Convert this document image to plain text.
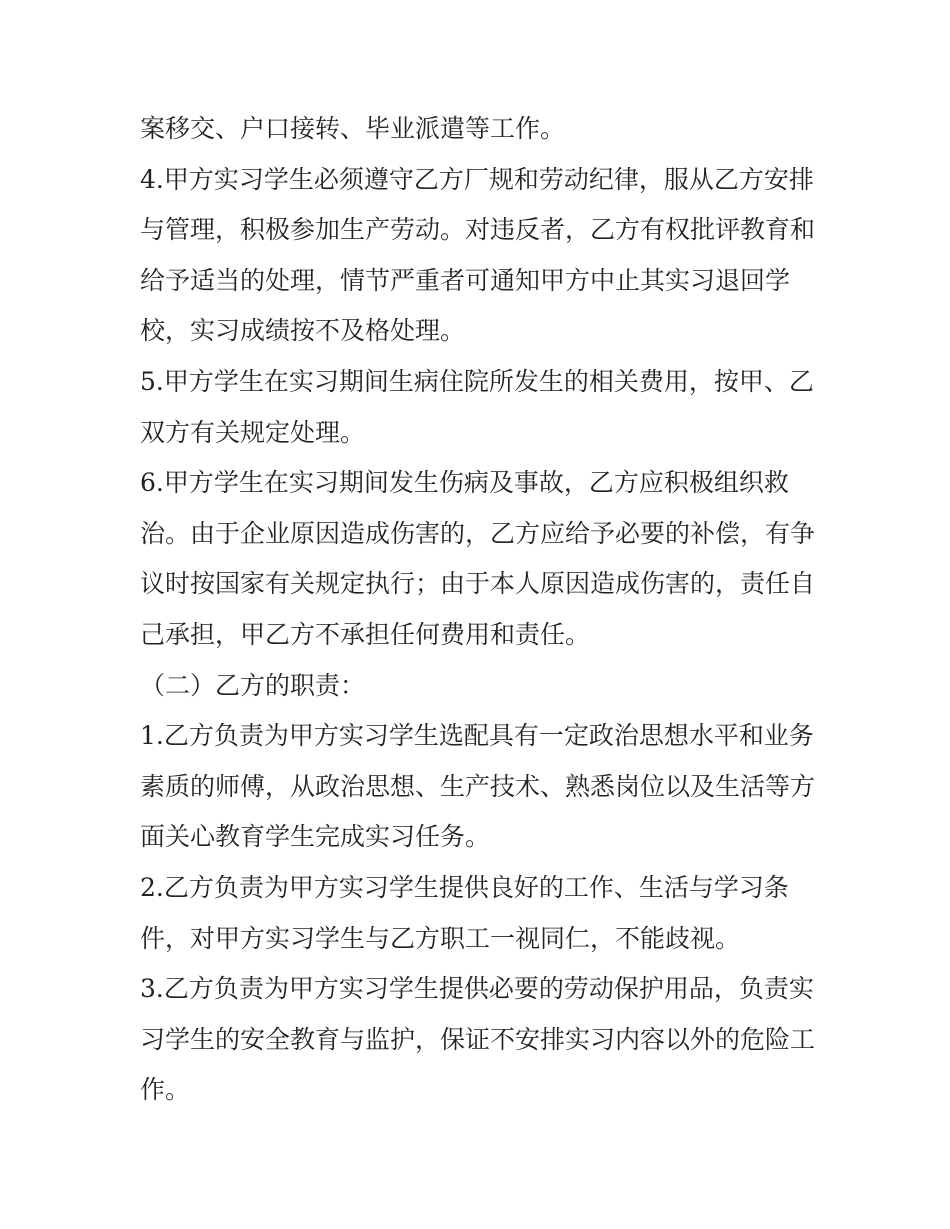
案移交、户口接转、毕业派遣等工作。
4.甲方实习学生必须遵守乙方厂规和劳动纪律，服从乙方安排
与管理，积极参加生产劳动。对违反者，乙方有权批评教育和
给予适当的处理，情节严重者可通知甲方中止其实习退回学
校，实习成绩按不及格处理。
5.甲方学生在实习期间生病住院所发生的相关费用，按甲、乙
双方有关规定处理。
6.甲方学生在实习期间发生伤病及事故，乙方应积极组织救
治。由于企业原因造成伤害的，乙方应给予必要的补偿，有争
议时按国家有关规定执行；由于本人原因造成伤害的，责任自
己承担，甲乙方不承担任何费用和责任。
（二）乙方的职责：
1.乙方负责为甲方实习学生选配具有一定政治思想水平和业务
素质的师傅，从政治思想、生产技术、熟悉岗位以及生活等方
面关心教育学生完成实习任务。
2.乙方负责为甲方实习学生提供良好的工作、生活与学习条
件，对甲方实习学生与乙方职工一视同仁，不能歧视。
3.乙方负责为甲方实习学生提供必要的劳动保护用品，负责实
习学生的安全教育与监护，保证不安排实习内容以外的危险工
作。
